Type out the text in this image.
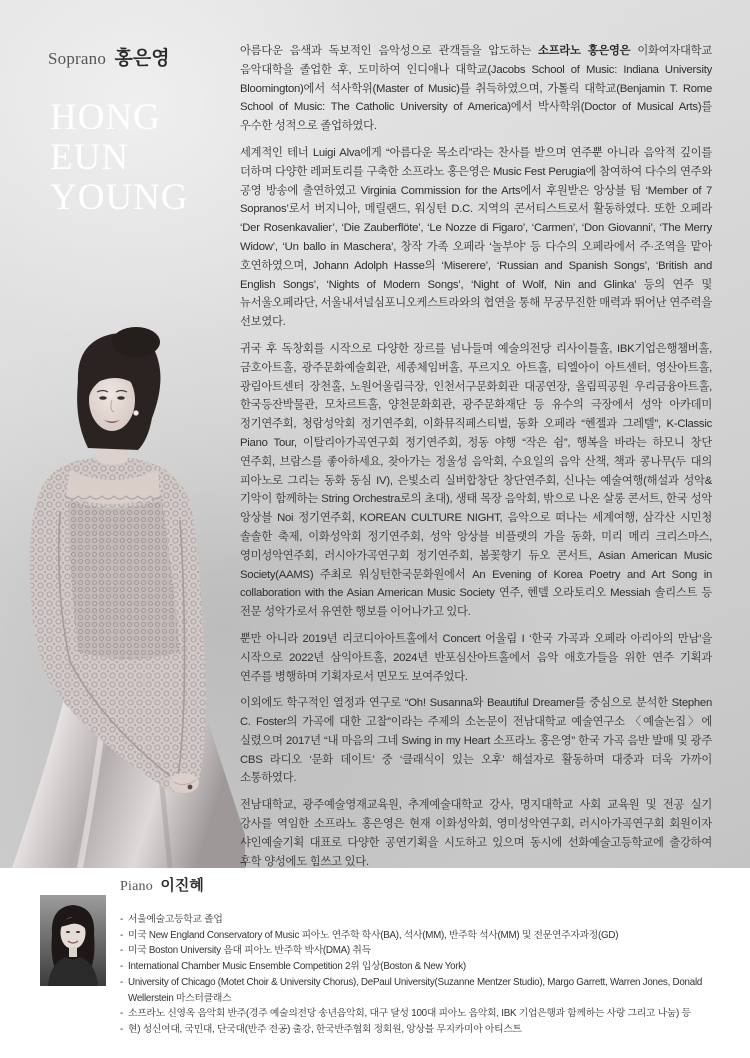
Soprano 홍은영
HONG
EUN
YOUNG

아름다운 음색과 독보적인 음악성으로 관객들을 압도하는 소프라노 홍은영은 이화여자대학교 음악대학을 졸업한 후, 도미하여 인디애나 대학교(Jacobs School of Music: Indiana University Bloomington)에서 석사학위(Master of Music)를 취득하였으며, 가톨릭 대학교(Benjamin T. Rome School of Music: The Catholic University of America)에서 박사학위(Doctor of Musical Arts)를 우수한 성적으로 졸업하였다.

세계적인 테너 Luigi Alva에게 “아름다운 목소리”라는 찬사를 받으며 연주뿐 아니라 음악적 깊이를 더하며 다양한 레퍼토리를 구축한 소프라노 홍은영은 Music Fest Perugia에 참여하여 다수의 연주와 공영 방송에 출연하였고 Virginia Commission for the Arts에서 후원받은 앙상블 팀 ‘Member of 7 Sopranos’로서 버지니아, 메릴랜드, 워싱턴 D.C. 지역의 콘서티스트로서 활동하였다. 또한 오페라 ‘Der Rosenkavalier’, ‘Die Zauberflöte’, ‘Le Nozze di Figaro’, ‘Carmen’, ‘Don Giovanni’, ‘The Merry Widow’, ‘Un ballo in Maschera’, 창작 가족 오페라 ‘놀부야’ 등 다수의 오페라에서 주·조역을 맡아 호연하였으며, Johann Adolph Hasse의 ‘Miserere’, ‘Russian and Spanish Songs’, ‘British and English Songs’, ‘Nights of Modern Songs’, ‘Night of Wolf, Nin and Glinka’ 등의 연주 및 뉴서울오페라단, 서울내셔널심포니오케스트라와의 협연을 통해 무궁무진한 매력과 뛰어난 연주력을 선보였다.

귀국 후 독창회를 시작으로 다양한 장르를 넘나들며 예술의전당 리사이틀홀, IBK기업은행챔버홀, 금호아트홀, 광주문화예술회관, 세종체임버홀, 푸르지오 아트홀, 티엘아이 아트센터, 영산아트홀, 광림아트센터 장천홀, 노원어울림극장, 인천서구문화회관 대공연장, 올림픽공원 우리금융아트홀, 한국등잔박물관, 모차르트홀, 양천문화회관, 광주문화재단 등 유수의 극장에서 성악 아카데미 정기연주회, 청람성악회 정기연주회, 이화뮤직페스티벌, 동화 오페라 “헨젤과 그레텔”, K-Classic Piano Tour, 이탈리아가곡연구회 정기연주회, 정동 야행 “작은 쉼”, 행복을 바라는 하모니 창단 연주회, 브람스를 좋아하세요, 찾아가는 정울성 음악회, 수요일의 음악 산책, 책과 콩나무(두 대의 피아노로 그리는 동화 동심 IV), 은빛소리 실버합창단 창단연주회, 신나는 예술여행(해설과 성악& 기악이 함께하는 String Orchestra로의 초대), 생태 목장 음악회, 밖으로 나온 살롱 콘서트, 한국 성악 앙상블 Noi 정기연주회, KOREAN CULTURE NIGHT, 음악으로 떠나는 세계여행, 삼각산 시민청 솔솔한 축제, 이화성악회 정기연주회, 성악 앙상블 비플랫의 가을 동화, 미리 메리 크리스마스, 영미성악연주회, 러시아가곡연구회 정기연주회, 봄꽃향기 듀오 콘서트, Asian American Music Society(AAMS) 주최로 워싱턴한국문화원에서 An Evening of Korea Poetry and Art Song in collaboration with the Asian American Music Society 연주, 헨델 오라토리오 Messiah 솔리스트 등 전문 성악가로서 유연한 행보를 이어나가고 있다.

뿐만 아니라 2019년 리코디아아트홀에서 Concert 어울림 I ‘한국 가곡과 오페라 아리아의 만남’을 시작으로 2022년 삼익아트홀, 2024년 반포심산아트홀에서 음악 애호가들을 위한 연주 기획과 연주를 병행하며 기획자로서 면모도 보여주었다.

이외에도 학구적인 열정과 연구로 “Oh! Susanna와 Beautiful Dreamer를 중심으로 분석한 Stephen C. Foster의 가곡에 대한 고찰”이라는 주제의 소논문이 전남대학교 예술연구소 〈예술논집〉에 실렸으며 2017년 “내 마음의 그네 Swing in my Heart 소프라노 홍은영” 한국 가곡 음반 발매 및 광주 CBS 라디오 ‘문화 데이트’ 중 ‘클래식이 있는 오후’ 해설자로 활동하며 대중과 더욱 가까이 소통하였다.

전남대학교, 광주예술영재교육원, 추계예술대학교 강사, 명지대학교 사회 교육원 및 전공 실기 강사를 역임한 소프라노 홍은영은 현재 이화성악회, 영미성악연구회, 러시아가곡연구회 회원이자 샤인예술기획 대표로 다양한 공연기획을 시도하고 있으며 동시에 선화예술고등학교에 출강하여 후학 양성에도 힘쓰고 있다.

Piano 이진혜
- 서울예술고등학교 졸업
- 미국 New England Conservatory of Music 피아노 연주학 학사(BA), 석사(MM), 반주학 석사(MM) 및 전문연주자과정(GD)
- 미국 Boston University 음대 피아노 반주학 박사(DMA) 취득
- International Chamber Music Ensemble Competition 2위 입상(Boston & New York)
- University of Chicago (Motet Choir & University Chorus), DePaul University(Suzanne Mentzer Studio), Margo Garrett, Warren Jones, Donald Wellerstein 마스터클래스
- 소프라노 신영옥 음악회 반주(경주 예술의전당 송년음악회, 대구 달성 100대 피아노 음악회, IBK 기업은행과 함께하는 사랑 그리고 나눔) 등
- 현) 성신여대, 국민대, 단국대(반주 전공) 출강, 한국반주협회 정회원, 앙상블 무지카미아 아티스트
